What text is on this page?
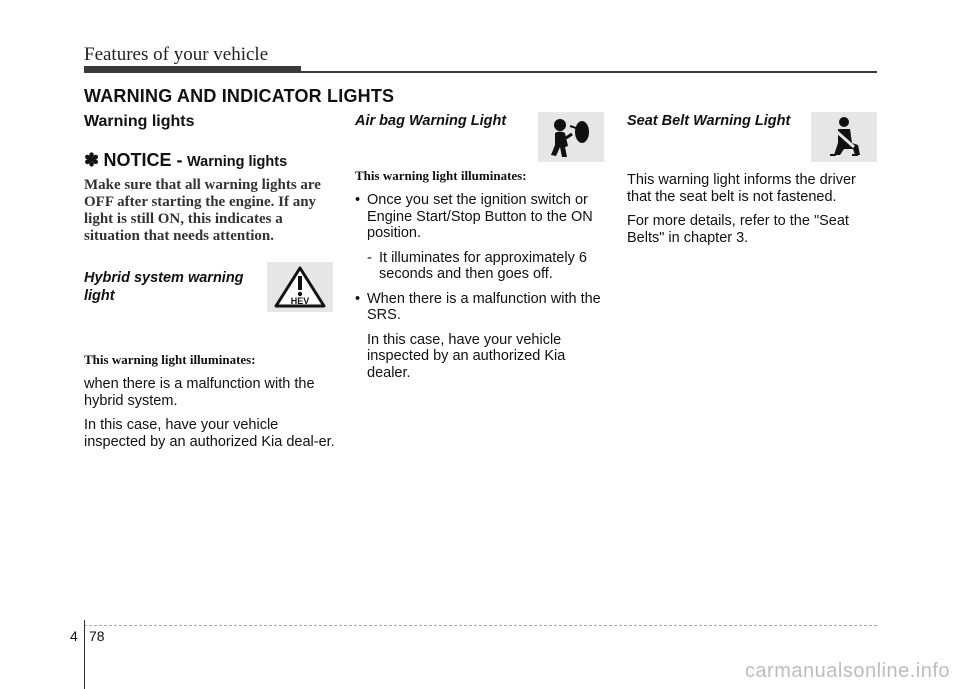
Features of your vehicle
WARNING AND INDICATOR LIGHTS
Warning lights
✽ NOTICE - Warning lights
Make sure that all warning lights are OFF after starting the engine. If any light is still ON, this indicates a situation that needs attention.
Hybrid system warning
light
This warning light illuminates:
when there is a malfunction with the hybrid system.
In this case, have your vehicle inspected by an authorized Kia deal-er.
HEV
Air bag Warning Light
This warning light illuminates:
• Once you set the ignition switch or Engine Start/Stop Button to the ON position.
- It illuminates for approximately 6 seconds and then goes off.
• When there is a malfunction with the SRS.
In this case, have your vehicle inspected by an authorized Kia dealer.
Seat Belt Warning Light
This warning light informs the driver that the seat belt is not fastened.
For more details, refer to the "Seat Belts" in chapter 3.
4 78
carmanualsonline.info
